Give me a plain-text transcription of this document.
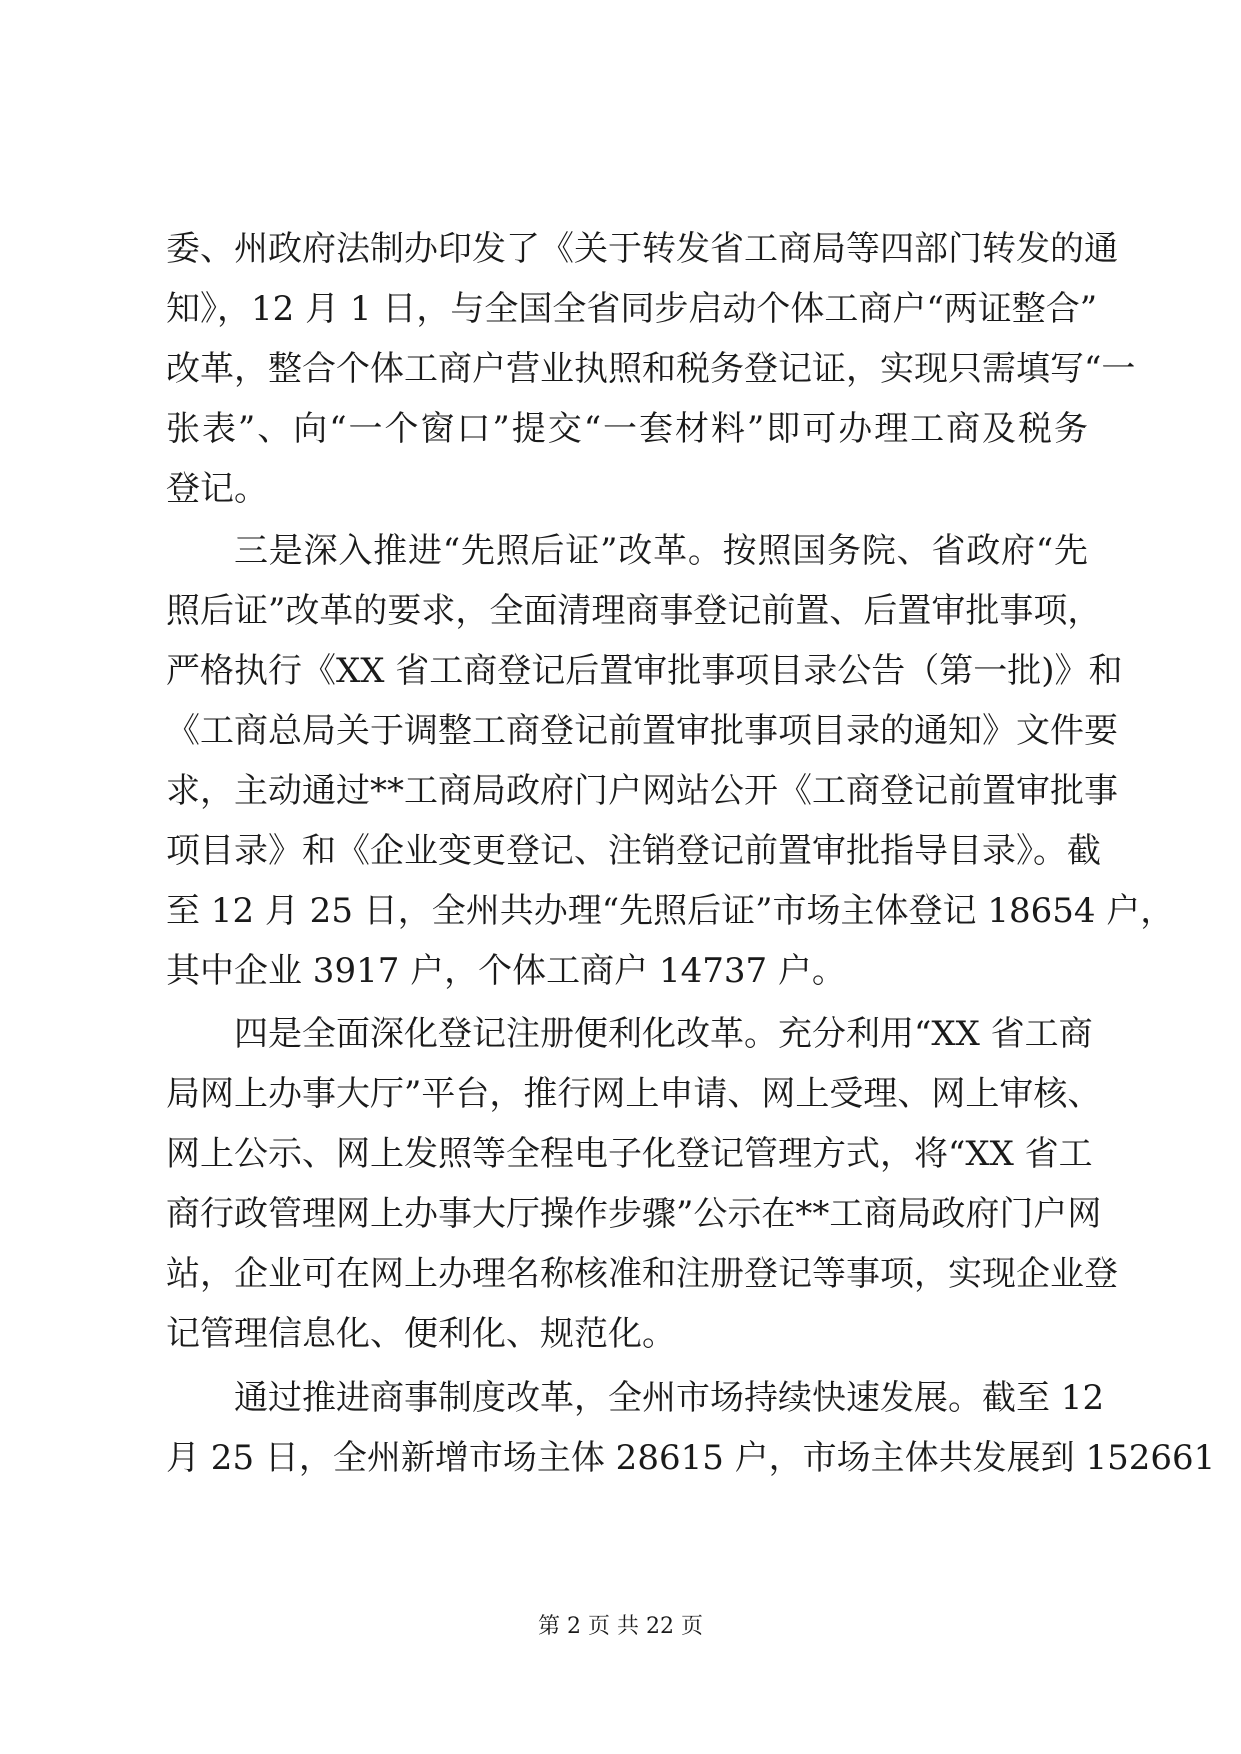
委、州政府法制办印发了《关于转发省工商局等四部门转发的通
知》，12 月 1 日，与全国全省同步启动个体工商户“两证整合”
改革，整合个体工商户营业执照和税务登记证，实现只需填写“一
张表”、向“一个窗口”提交“一套材料”即可办理工商及税务
登记。
三是深入推进“先照后证”改革。按照国务院、省政府“先
照后证”改革的要求，全面清理商事登记前置、后置审批事项，
严格执行《XX 省工商登记后置审批事项目录公告（第一批)》和
《工商总局关于调整工商登记前置审批事项目录的通知》文件要
求，主动通过**工商局政府门户网站公开《工商登记前置审批事
项目录》和《企业变更登记、注销登记前置审批指导目录》。截
至 12 月 25 日，全州共办理“先照后证”市场主体登记 18654 户，
其中企业 3917 户，个体工商户 14737 户。
四是全面深化登记注册便利化改革。充分利用“XX 省工商
局网上办事大厅”平台，推行网上申请、网上受理、网上审核、
网上公示、网上发照等全程电子化登记管理方式，将“XX 省工
商行政管理网上办事大厅操作步骤”公示在**工商局政府门户网
站，企业可在网上办理名称核准和注册登记等事项，实现企业登
记管理信息化、便利化、规范化。
通过推进商事制度改革，全州市场持续快速发展。截至 12
月 25 日，全州新增市场主体 28615 户，市场主体共发展到 152661
第 2 页 共 22 页
